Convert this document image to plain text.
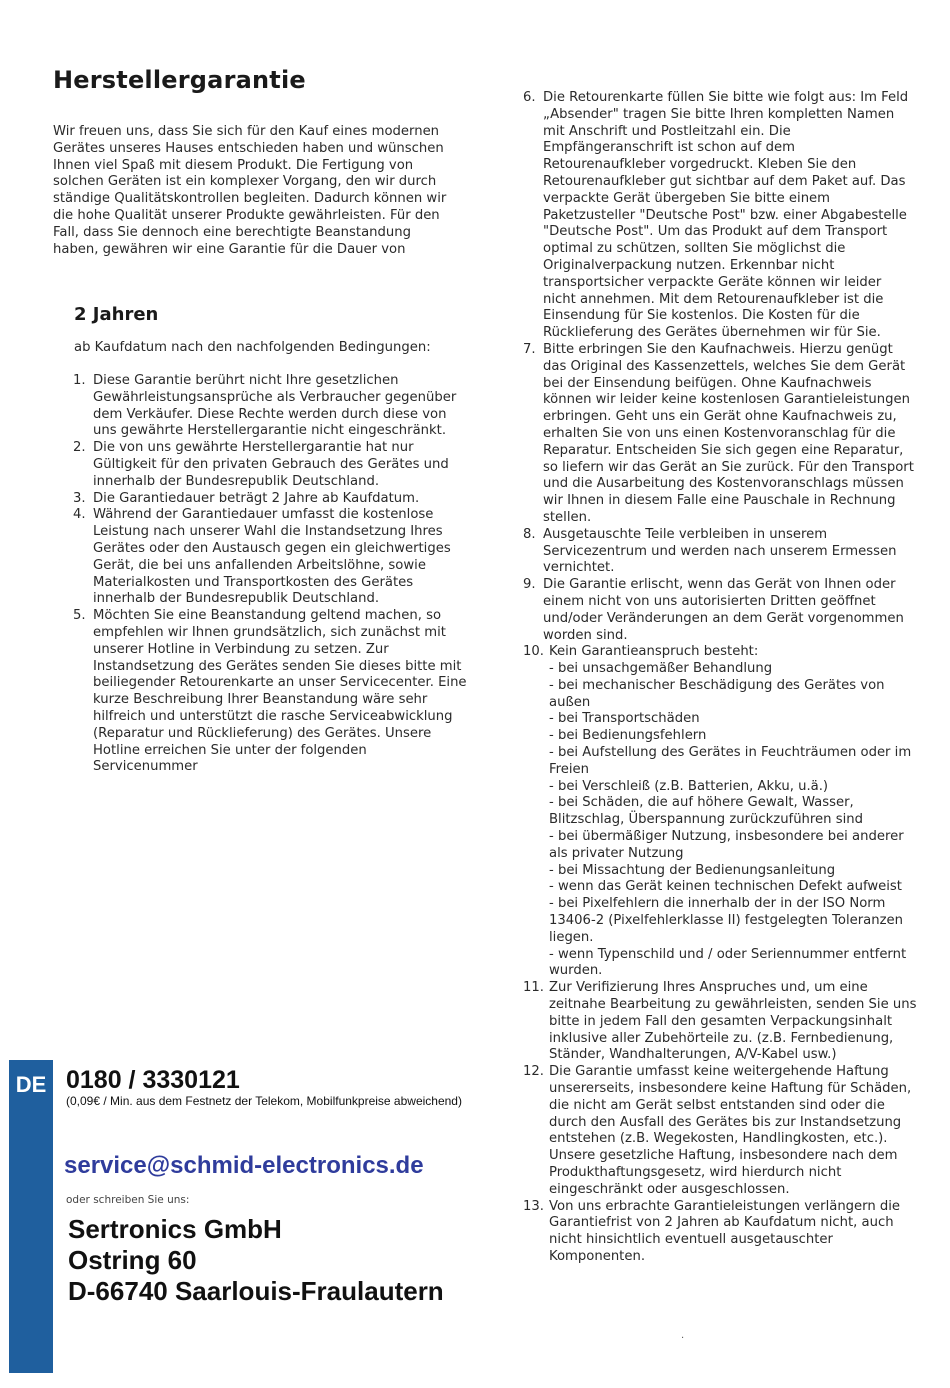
Herstellergarantie

Wir freuen uns, dass Sie sich für den Kauf eines modernen Gerätes unseres Hauses entschieden haben und wünschen Ihnen viel Spaß mit diesem Produkt. Die Fertigung von solchen Geräten ist ein komplexer Vorgang, den wir durch ständige Qualitätskontrollen begleiten. Dadurch können wir die hohe Qualität unserer Produkte gewährleisten. Für den Fall, dass Sie dennoch eine berechtigte Beanstandung haben, gewähren wir eine Garantie für die Dauer von

2 Jahren

ab Kaufdatum nach den nachfolgenden Bedingungen:

1. Diese Garantie berührt nicht Ihre gesetzlichen Gewährleistungsansprüche als Verbraucher gegenüber dem Verkäufer. Diese Rechte werden durch diese von uns gewährte Herstellergarantie nicht eingeschränkt.
2. Die von uns gewährte Herstellergarantie hat nur Gültigkeit für den privaten Gebrauch des Gerätes und innerhalb der Bundesrepublik Deutschland.
3. Die Garantiedauer beträgt 2 Jahre ab Kaufdatum.
4. Während der Garantiedauer umfasst die kostenlose Leistung nach unserer Wahl die Instandsetzung Ihres Gerätes oder den Austausch gegen ein gleichwertiges Gerät, die bei uns anfallenden Arbeitslöhne, sowie Materialkosten und Transportkosten des Gerätes innerhalb der Bundesrepublik Deutschland.
5. Möchten Sie eine Beanstandung geltend machen, so empfehlen wir Ihnen grundsätzlich, sich zunächst mit unserer Hotline in Verbindung zu setzen. Zur Instandsetzung des Gerätes senden Sie dieses bitte mit beiliegender Retourenkarte an unser Servicecenter. Eine kurze Beschreibung Ihrer Beanstandung wäre sehr hilfreich und unterstützt die rasche Serviceabwicklung (Reparatur und Rücklieferung) des Gerätes. Unsere Hotline erreichen Sie unter der folgenden Servicenummer
6. Die Retourenkarte füllen Sie bitte wie folgt aus: Im Feld „Absender" tragen Sie bitte Ihren kompletten Namen mit Anschrift und Postleitzahl ein. Die Empfängeranschrift ist schon auf dem Retourenaufkleber vorgedruckt. Kleben Sie den Retourenaufkleber gut sichtbar auf dem Paket auf. Das verpackte Gerät übergeben Sie bitte einem Paketzusteller "Deutsche Post" bzw. einer Abgabestelle "Deutsche Post". Um das Produkt auf dem Transport optimal zu schützen, sollten Sie möglichst die Originalverpackung nutzen. Erkennbar nicht transportsicher verpackte Geräte können wir leider nicht annehmen. Mit dem Retourenaufkleber ist die Einsendung für Sie kostenlos. Die Kosten für die Rücklieferung des Gerätes übernehmen wir für Sie.
7. Bitte erbringen Sie den Kaufnachweis. Hierzu genügt das Original des Kassenzettels, welches Sie dem Gerät bei der Einsendung beifügen. Ohne Kaufnachweis können wir leider keine kostenlosen Garantieleistungen erbringen. Geht uns ein Gerät ohne Kaufnachweis zu, erhalten Sie von uns einen Kostenvoranschlag für die Reparatur. Entscheiden Sie sich gegen eine Reparatur, so liefern wir das Gerät an Sie zurück. Für den Transport und die Ausarbeitung des Kostenvoranschlags müssen wir Ihnen in diesem Falle eine Pauschale in Rechnung stellen.
8. Ausgetauschte Teile verbleiben in unserem Servicezentrum und werden nach unserem Ermessen vernichtet.
9. Die Garantie erlischt, wenn das Gerät von Ihnen oder einem nicht von uns autorisierten Dritten geöffnet und/oder Veränderungen an dem Gerät vorgenommen worden sind.
10. Kein Garantieanspruch besteht:
- bei unsachgemäßer Behandlung
- bei mechanischer Beschädigung des Gerätes von außen
- bei Transportschäden
- bei Bedienungsfehlern
- bei Aufstellung des Gerätes in Feuchträumen oder im Freien
- bei Verschleiß (z.B. Batterien, Akku, u.ä.)
- bei Schäden, die auf höhere Gewalt, Wasser, Blitzschlag, Überspannung zurückzuführen sind
- bei übermäßiger Nutzung, insbesondere bei anderer als privater Nutzung
- bei Missachtung der Bedienungsanleitung
- wenn das Gerät keinen technischen Defekt aufweist
- bei Pixelfehlern die innerhalb der in der ISO Norm 13406-2 (Pixelfehlerklasse II) festgelegten Toleranzen liegen.
- wenn Typenschild und / oder Seriennummer entfernt wurden.
11. Zur Verifizierung Ihres Anspruches und, um eine zeitnahe Bearbeitung zu gewährleisten, senden Sie uns bitte in jedem Fall den gesamten Verpackungsinhalt inklusive aller Zubehörteile zu. (z.B. Fernbedienung, Ständer, Wandhalterungen, A/V-Kabel usw.)
12. Die Garantie umfasst keine weitergehende Haftung unsererseits, insbesondere keine Haftung für Schäden, die nicht am Gerät selbst entstanden sind oder die durch den Ausfall des Gerätes bis zur Instandsetzung entstehen (z.B. Wegekosten, Handlingkosten, etc.). Unsere gesetzliche Haftung, insbesondere nach dem Produkthaftungsgesetz, wird hierdurch nicht eingeschränkt oder ausgeschlossen.
13. Von uns erbrachte Garantieleistungen verlängern die Garantiefrist von 2 Jahren ab Kaufdatum nicht, auch nicht hinsichtlich eventuell ausgetauschter Komponenten.
DE 0180 / 3330121

(0,09€ / Min. aus dem Festnetz der Telekom, Mobilfunkpreise abweichend)

service@schmid-electronics.de

oder schreiben Sie uns:

Sertronics GmbH
Ostring 60
D-66740 Saarlouis-Fraulautern
.
